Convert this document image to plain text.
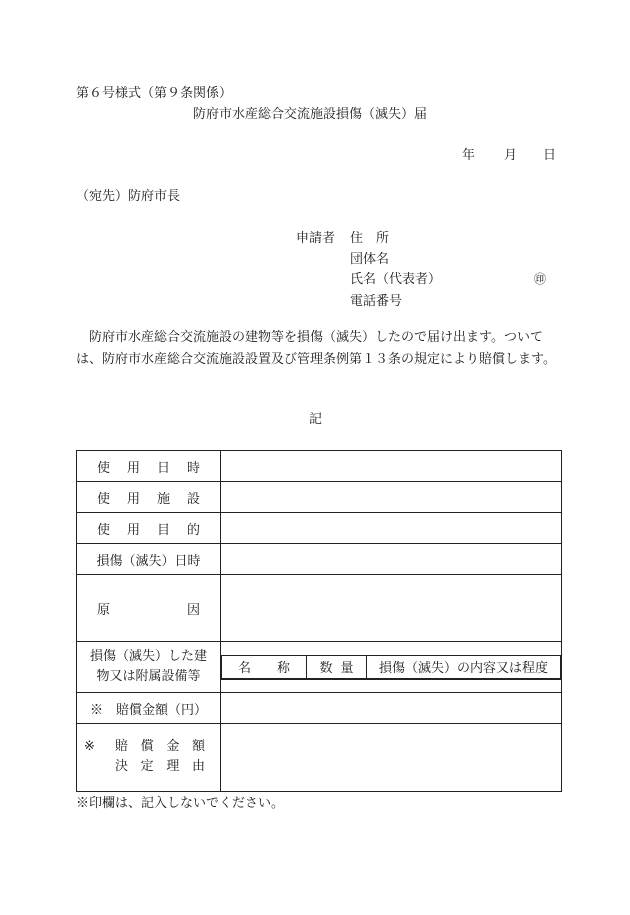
第６号様式（第９条関係）
防府市水産総合交流施設損傷（滅失）届
年 月 日
（宛先）防府市長
申請者 住　所
団体名
氏名（代表者）	㊞
電話番号
防府市水産総合交流施設の建物等を損傷（滅失）したので届け出ます。ついては、防府市水産総合交流施設設置及び管理条例第１３条の規定により賠償します。
記
使 用 日 時

使 用 施 設

使 用 目 的

損傷（滅失）日時	

原	因

損傷（滅失）した建
物又は附属設備等

名 称	数 量	損傷（滅失）の内容又は程度

※　賠償金額（円）	

※ 賠 償 金 額
決 定 理 由

※印欄は、記入しないでください。
